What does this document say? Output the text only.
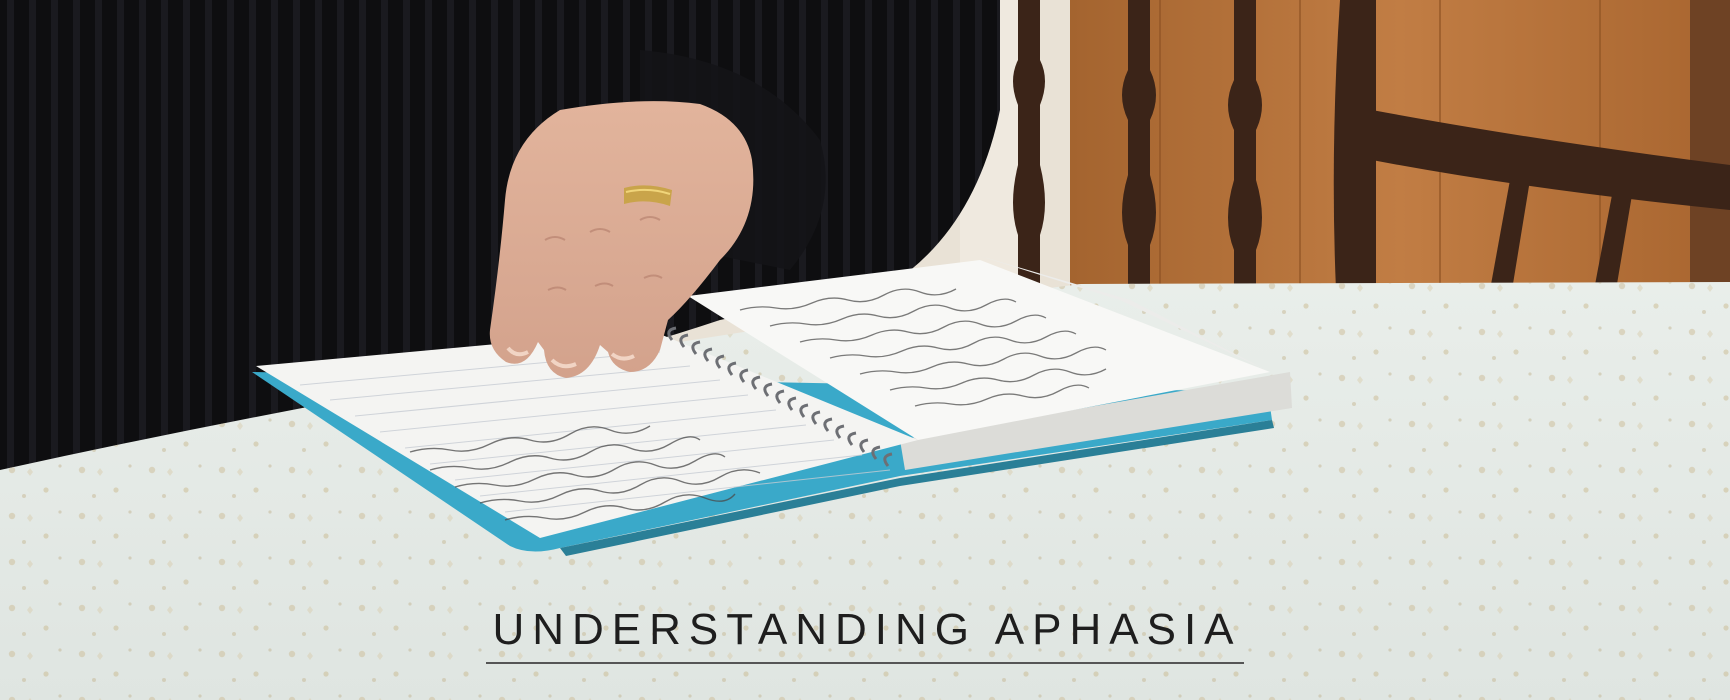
UNDERSTANDING APHASIA
